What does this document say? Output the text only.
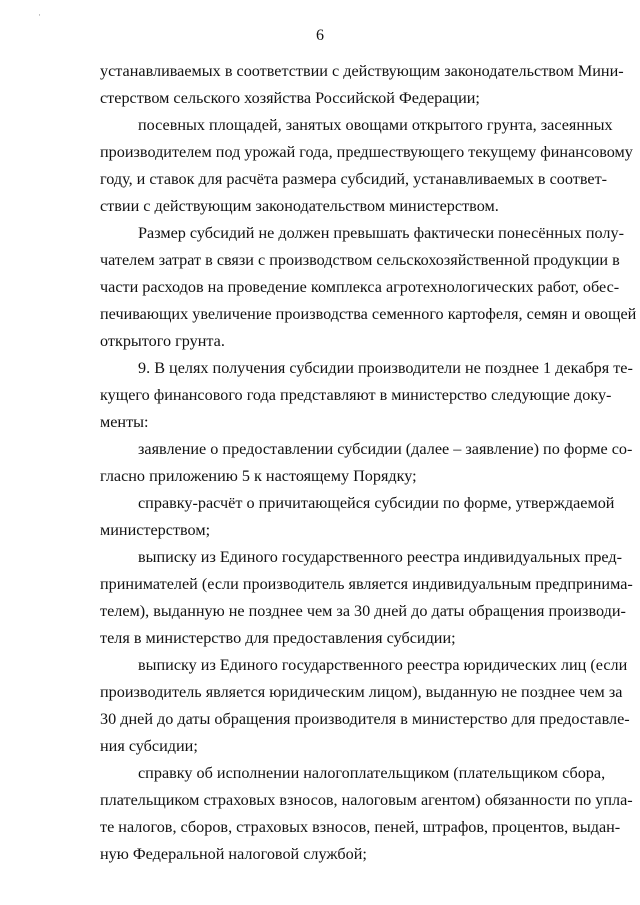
·
6
устанавливаемых в соответствии с действующим законодательством Мини-
стерством сельского хозяйства Российской Федерации;
посевных площадей, занятых овощами открытого грунта, засеянных
производителем под урожай года, предшествующего текущему финансовому
году, и ставок для расчёта размера субсидий, устанавливаемых в соответ-
ствии с действующим законодательством министерством.
Размер субсидий не должен превышать фактически понесённых полу-
чателем затрат в связи с производством сельскохозяйственной продукции в
части расходов на проведение комплекса агротехнологических работ, обес-
печивающих увеличение производства семенного картофеля, семян и овощей
открытого грунта.
9. В целях получения субсидии производители не позднее 1 декабря те-
кущего финансового года представляют в министерство следующие доку-
менты:
заявление о предоставлении субсидии (далее – заявление) по форме со-
гласно приложению 5 к настоящему Порядку;
справку-расчёт о причитающейся субсидии по форме, утверждаемой
министерством;
выписку из Единого государственного реестра индивидуальных пред-
принимателей (если производитель является индивидуальным предпринима-
телем), выданную не позднее чем за 30 дней до даты обращения производи-
теля в министерство для предоставления субсидии;
выписку из Единого государственного реестра юридических лиц (если
производитель является юридическим лицом), выданную не позднее чем за
30 дней до даты обращения производителя в министерство для предоставле-
ния субсидии;
справку об исполнении налогоплательщиком (плательщиком сбора,
плательщиком страховых взносов, налоговым агентом) обязанности по упла-
те налогов, сборов, страховых взносов, пеней, штрафов, процентов, выдан-
ную Федеральной налоговой службой;
